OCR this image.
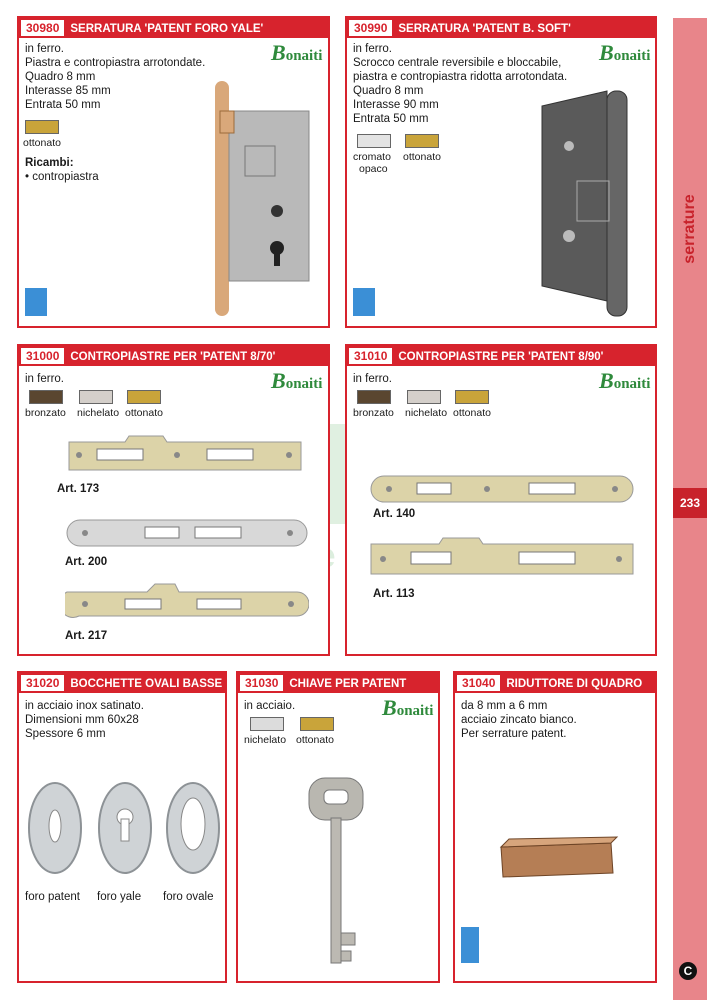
serrature
233
C
30980 SERRATURA 'PATENT FORO YALE'
Bonaiti
in ferro.
Piastra e contropiastra arrotondate.
Quadro 8 mm
Interasse 85 mm
Entrata 50 mm
ottonato
Ricambi:
• contropiastra
30990 SERRATURA 'PATENT B. SOFT'
Bonaiti
in ferro.
Scrocco centrale reversibile e bloccabile,
piastra e contropiastra ridotta arrotondata.
Quadro 8 mm
Interasse 90 mm
Entrata 50 mm
cromato
opaco
ottonato
31000 CONTROPIASTRE PER 'PATENT 8/70'
Bonaiti
in ferro.
bronzato nichelato ottonato
Art. 173
Art. 200
Art. 217
31010 CONTROPIASTRE PER 'PATENT 8/90'
Bonaiti
in ferro.
bronzato nichelato ottonato
Art. 140
Art. 113
31020 BOCCHETTE OVALI BASSE
in acciaio inox satinato.
Dimensioni mm 60x28
Spessore 6 mm
foro patent foro yale foro ovale
31030 CHIAVE PER PATENT
Bonaiti
in acciaio.
nichelato ottonato
31040 RIDUTTORE DI QUADRO
da 8 mm a 6 mm
acciaio zincato bianco.
Per serrature patent.
